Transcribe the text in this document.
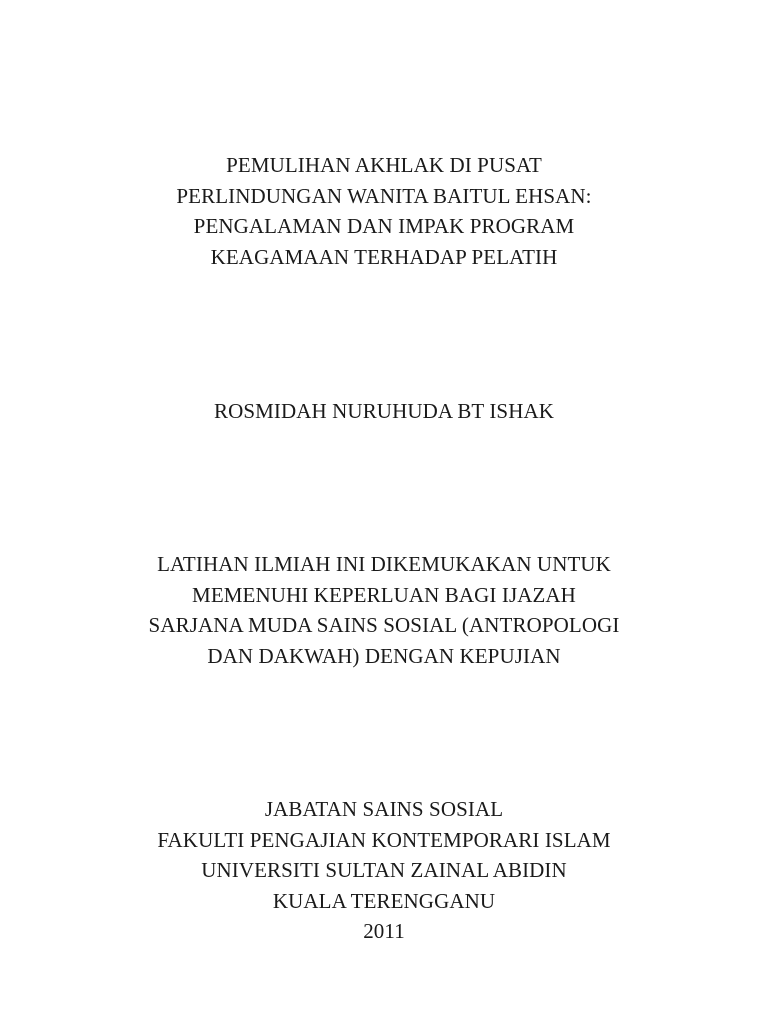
PEMULIHAN AKHLAK DI PUSAT
PERLINDUNGAN WANITA BAITUL EHSAN:
PENGALAMAN DAN IMPAK PROGRAM
KEAGAMAAN TERHADAP PELATIH
ROSMIDAH NURUHUDA BT ISHAK
LATIHAN ILMIAH INI DIKEMUKAKAN UNTUK
MEMENUHI KEPERLUAN BAGI IJAZAH
SARJANA MUDA SAINS SOSIAL (ANTROPOLOGI
DAN DAKWAH) DENGAN KEPUJIAN
JABATAN SAINS SOSIAL
FAKULTI PENGAJIAN KONTEMPORARI ISLAM
UNIVERSITI SULTAN ZAINAL ABIDIN
KUALA TERENGGANU
2011
